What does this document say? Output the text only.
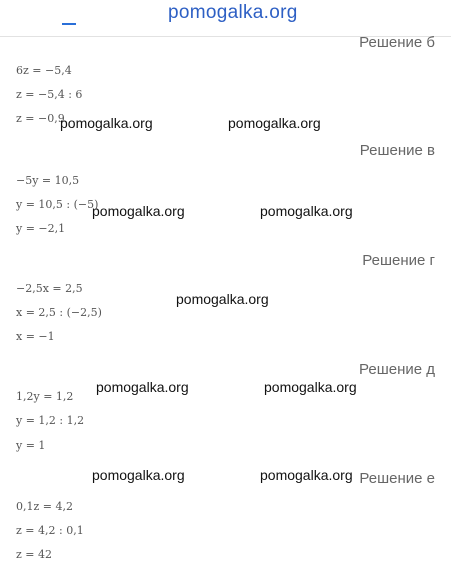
pomogalka.org
Решение б
6z = −5,4
z = −5,4 : 6
z = −0,9
Решение в
−5y = 10,5
y = 10,5 : (−5)
y = −2,1
Решение г
−2,5x = 2,5
x = 2,5 : (−2,5)
x = −1
Решение д
1,2y = 1,2
y = 1,2 : 1,2
y = 1
Решение е
0,1z = 4,2
z = 4,2 : 0,1
z = 42
pomogalka.org	pomogalka.org
pomogalka.org	pomogalka.org
pomogalka.org
pomogalka.org	pomogalka.org
pomogalka.org	pomogalka.org
